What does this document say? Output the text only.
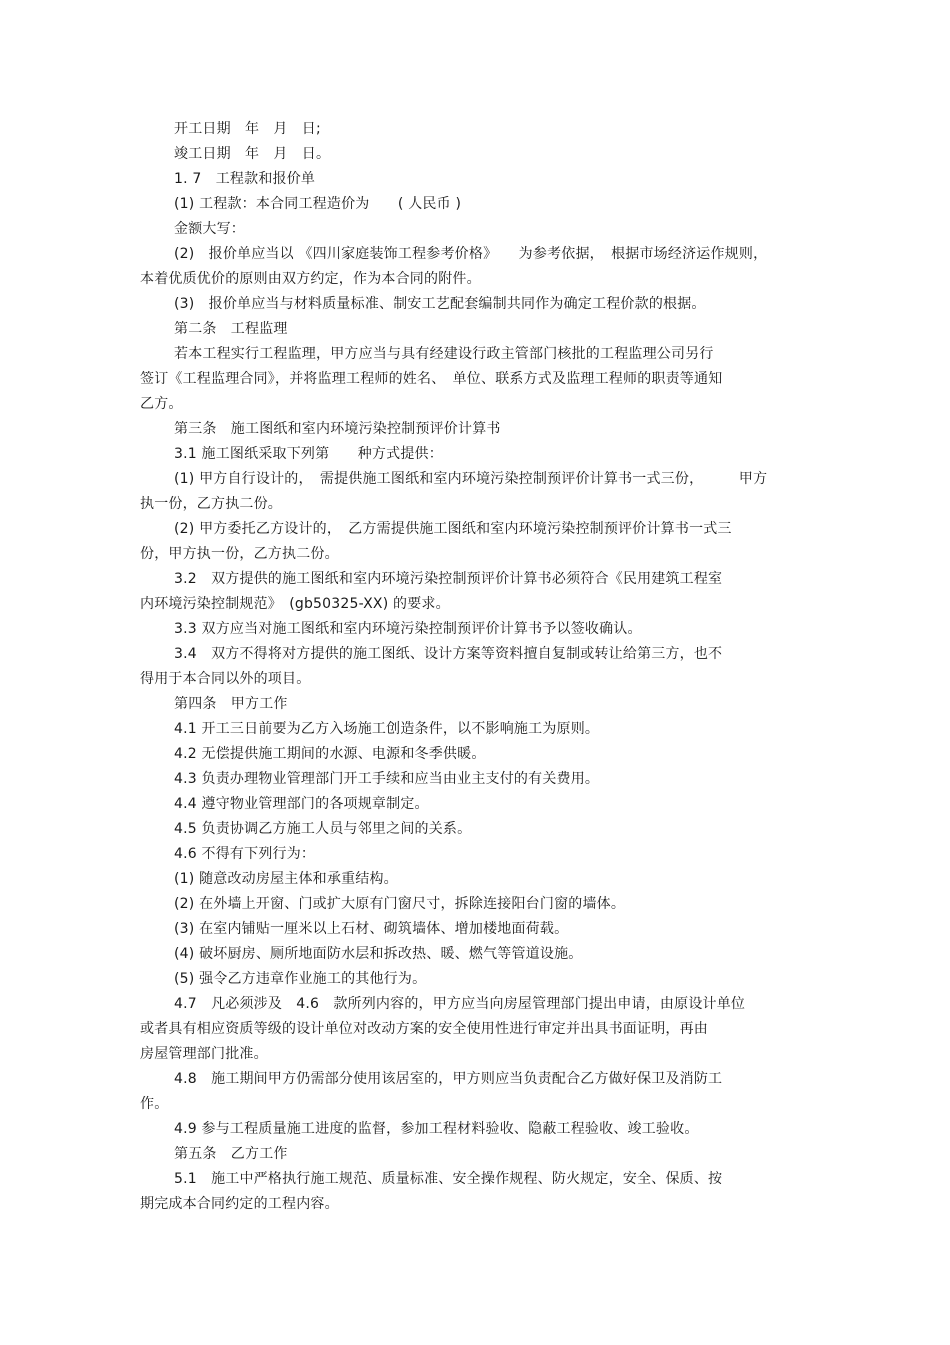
开工日期　年　月　日;
竣工日期　年　月　日。
1. 7　工程款和报价单
(1) 工程款：本合同工程造价为　　( 人民币 )
金额大写：
(2)　报价单应当以 《四川家庭装饰工程参考价格》　　为参考依据，　根据市场经济运作规则，
本着优质优价的原则由双方约定，作为本合同的附件。
(3)　报价单应当与材料质量标准、制安工艺配套编制共同作为确定工程价款的根据。
第二条　工程监理
若本工程实行工程监理，甲方应当与具有经建设行政主管部门核批的工程监理公司另行
签订《工程监理合同》，并将监理工程师的姓名、　单位、联系方式及监理工程师的职责等通知
乙方。
第三条　施工图纸和室内环境污染控制预评价计算书
3.1 施工图纸采取下列第　　种方式提供：
(1) 甲方自行设计的，　需提供施工图纸和室内环境污染控制预评价计算书一式三份，　　　甲方
执一份，乙方执二份。
(2) 甲方委托乙方设计的，　乙方需提供施工图纸和室内环境污染控制预评价计算书一式三
份，甲方执一份，乙方执二份。
3.2　双方提供的施工图纸和室内环境污染控制预评价计算书必须符合《民用建筑工程室
内环境污染控制规范》　(gb50325-XX) 的要求。
3.3 双方应当对施工图纸和室内环境污染控制预评价计算书予以签收确认。
3.4　双方不得将对方提供的施工图纸、设计方案等资料擅自复制或转让给第三方，也不
得用于本合同以外的项目。
第四条　甲方工作
4.1 开工三日前要为乙方入场施工创造条件，以不影响施工为原则。
4.2 无偿提供施工期间的水源、电源和冬季供暖。
4.3 负责办理物业管理部门开工手续和应当由业主支付的有关费用。
4.4 遵守物业管理部门的各项规章制定。
4.5 负责协调乙方施工人员与邻里之间的关系。
4.6 不得有下列行为：
(1) 随意改动房屋主体和承重结构。
(2) 在外墙上开窗、门或扩大原有门窗尺寸，拆除连接阳台门窗的墙体。
(3) 在室内铺贴一厘米以上石材、砌筑墙体、增加楼地面荷载。
(4) 破坏厨房、厕所地面防水层和拆改热、暖、燃气等管道设施。
(5) 强令乙方违章作业施工的其他行为。
4.7　凡必须涉及　4.6　款所列内容的，甲方应当向房屋管理部门提出申请，由原设计单位
或者具有相应资质等级的设计单位对改动方案的安全使用性进行审定并出具书面证明，再由
房屋管理部门批准。
4.8　施工期间甲方仍需部分使用该居室的，甲方则应当负责配合乙方做好保卫及消防工
作。
4.9 参与工程质量施工进度的监督，参加工程材料验收、隐蔽工程验收、竣工验收。
第五条　乙方工作
5.1　施工中严格执行施工规范、质量标准、安全操作规程、防火规定，安全、保质、按
期完成本合同约定的工程内容。
